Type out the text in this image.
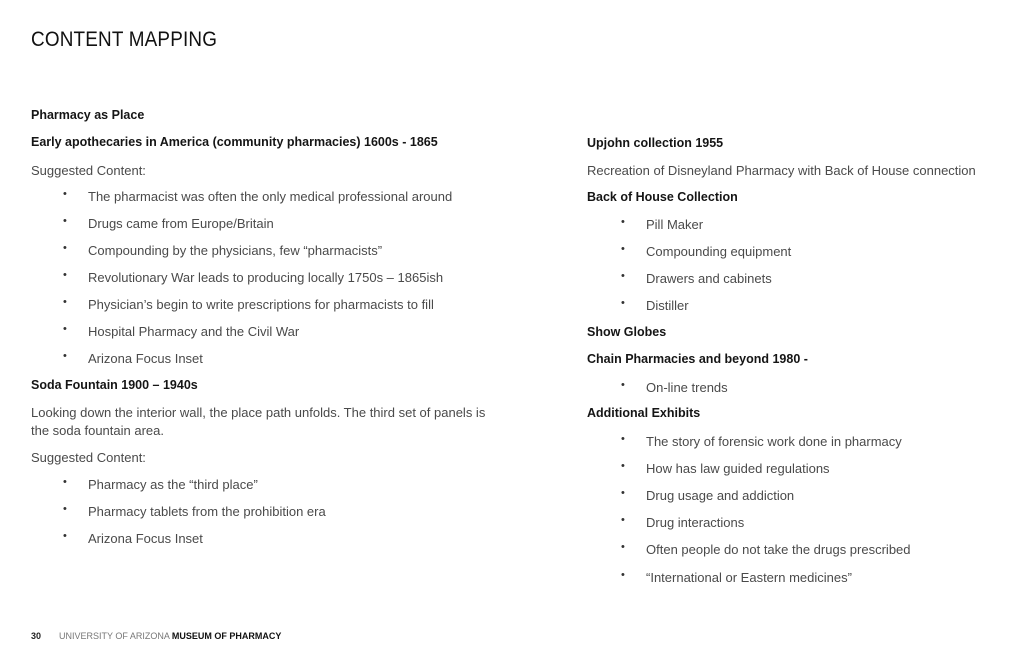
CONTENT MAPPING
Pharmacy as Place
Early apothecaries in America (community pharmacies) 1600s - 1865
Suggested Content:
The pharmacist was often the only medical professional around
•
Drugs came from Europe/Britain
•
Compounding by the physicians, few “pharmacists”
•
Revolutionary War leads to producing locally 1750s – 1865ish
•
Physician’s begin to write prescriptions for pharmacists to fill
•
Hospital Pharmacy and the Civil War
•
Arizona Focus Inset
•
Soda Fountain 1900 – 1940s
Looking down the interior wall, the place path unfolds. The third set of panels is
the soda fountain area.
Suggested Content:
Pharmacy as the “third place”
•
Pharmacy tablets from the prohibition era
•
Arizona Focus Inset
•
Upjohn collection 1955
Recreation of Disneyland Pharmacy with Back of House connection
Back of House Collection
Pill Maker
•
Compounding equipment
•
Drawers and cabinets
•
Distiller
•
Show Globes
Chain Pharmacies and beyond 1980 -
On-line trends
•
Additional Exhibits
The story of forensic work done in pharmacy
•
How has law guided regulations
•
Drug usage and addiction
•
Drug interactions
•
Often people do not take the drugs prescribed
•
“International or Eastern medicines”
•
30 UNIVERSITY OF ARIZONA MUSEUM OF PHARMACY
